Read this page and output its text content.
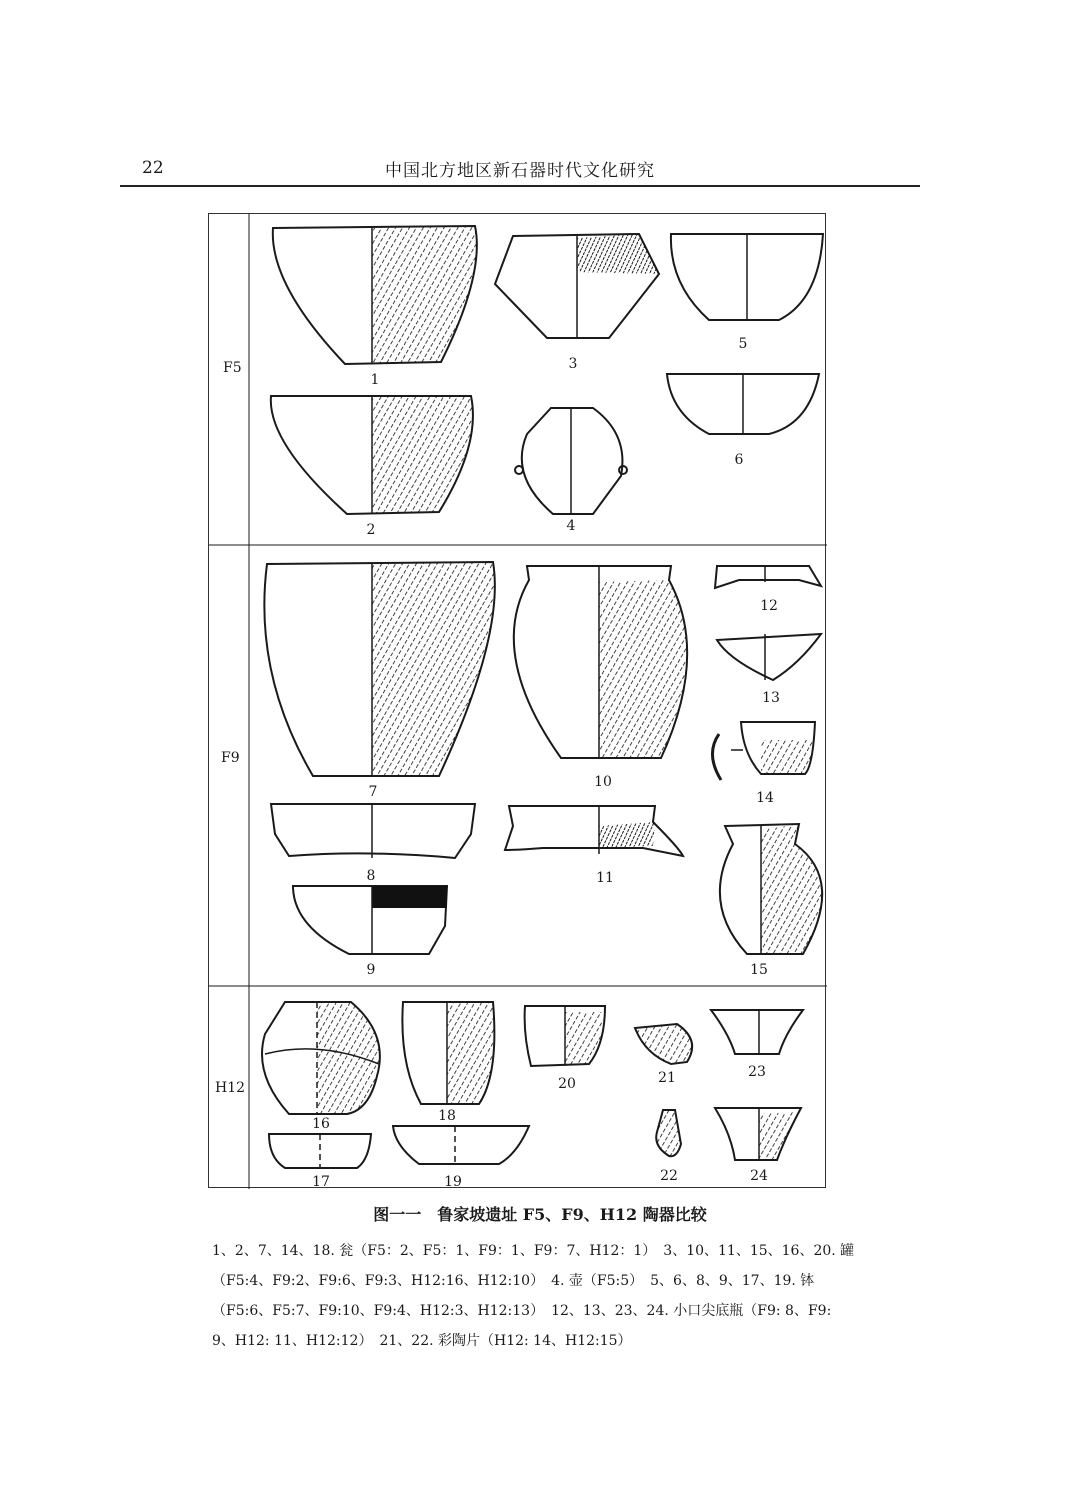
22	中国北方地区新石器时代文化研究
F5
F9
H12
1
2
3
4
5
6
7
8
9
10
11
12
13
14
15
16
17
18
19
20	21
22
23
24
图一一　鲁家坡遗址 F5、F9、H12 陶器比较

1、2、7、14、18. 瓮（F5：2、F5：1、F9：1、F9：7、H12：1）　3、10、11、15、16、20. 罐

（F5:4、F9:2、F9:6、F9:3、H12:16、H12:10）　4. 壶（F5:5）　5、6、8、9、17、19. 钵

（F5:6、F5:7、F9:10、F9:4、H12:3、H12:13）　12、13、23、24. 小口尖底瓶（F9: 8、F9:

9、H12: 11、H12:12）　21、22. 彩陶片（H12: 14、H12:15）
